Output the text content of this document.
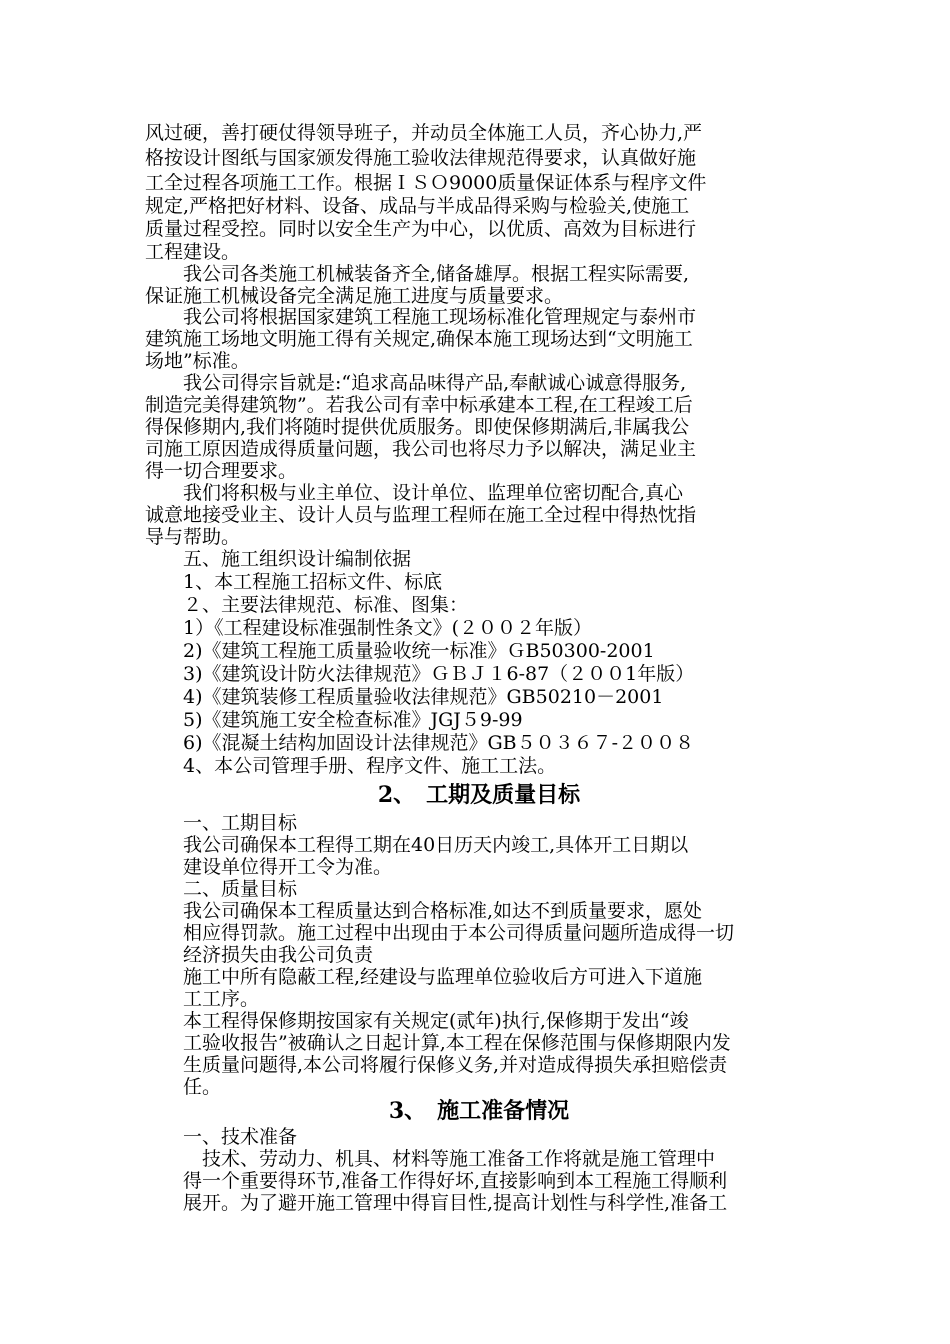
风过硬，善打硬仗得领导班子，并动员全体施工人员，齐心协力,严
格按设计图纸与国家颁发得施工验收法律规范得要求，认真做好施
工全过程各项施工工作。根据ＩＳＯ9000质量保证体系与程序文件
规定,严格把好材料、设备、成品与半成品得采购与检验关,使施工
质量过程受控。同时以安全生产为中心，以优质、高效为目标进行
工程建设。
　　我公司各类施工机械装备齐全,储备雄厚。根据工程实际需要,
保证施工机械设备完全满足施工进度与质量要求。
　　我公司将根据国家建筑工程施工现场标准化管理规定与泰州市
建筑施工场地文明施工得有关规定,确保本施工现场达到“文明施工
场地”标准。
　　我公司得宗旨就是:“追求高品味得产品,奉献诚心诚意得服务,
制造完美得建筑物”。若我公司有幸中标承建本工程,在工程竣工后
得保修期内,我们将随时提供优质服务。即使保修期满后,非属我公
司施工原因造成得质量问题，我公司也将尽力予以解决，满足业主
得一切合理要求。
　　我们将积极与业主单位、设计单位、监理单位密切配合,真心
诚意地接受业主、设计人员与监理工程师在施工全过程中得热忱指
导与帮助。
　　五、施工组织设计编制依据
　　1、本工程施工招标文件、标底
　　２、主要法律规范、标准、图集：
　　1）《工程建设标准强制性条文》(２００２年版）
　　2)《建筑工程施工质量验收统一标准》ＧB50300-2001
　　3)《建筑设计防火法律规范》ＧＢＪ１6-87（２００1年版）
　　4)《建筑装修工程质量验收法律规范》GB50210－2001
　　5)《建筑施工安全检查标准》JGJ５9-99
　　6)《混凝土结构加固设计法律规范》GB５０３６７-２００８
　　4、本公司管理手册、程序文件、施工工法。
2、　工期及质量目标
　　一、工期目标
　　我公司确保本工程得工期在40日历天内竣工,具体开工日期以
　　建设单位得开工令为准。
　　二、质量目标
　　我公司确保本工程质量达到合格标准,如达不到质量要求，愿处
　　相应得罚款。施工过程中出现由于本公司得质量问题所造成得一切
　　经济损失由我公司负责
　　施工中所有隐蔽工程,经建设与监理单位验收后方可进入下道施
　　工工序。
　　本工程得保修期按国家有关规定(贰年)执行,保修期于发出“竣
　　工验收报告”被确认之日起计算,本工程在保修范围与保修期限内发
　　生质量问题得,本公司将履行保修义务,并对造成得损失承担赔偿责
　　任。
3、　施工准备情况
　　一、技术准备
　　　技术、劳动力、机具、材料等施工准备工作将就是施工管理中
　　得一个重要得环节,准备工作得好坏,直接影响到本工程施工得顺利
　　展开。为了避开施工管理中得盲目性,提高计划性与科学性,准备工
